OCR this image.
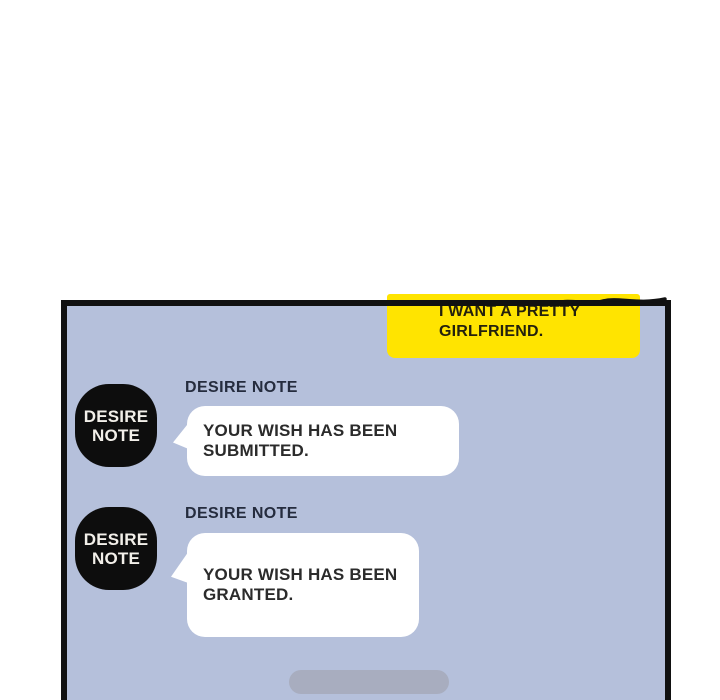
I WANT A PRETTY
GIRLFRIEND.
DESIRE
NOTE
DESIRE NOTE
YOUR WISH HAS BEEN
SUBMITTED.
DESIRE
NOTE
DESIRE NOTE
YOUR WISH HAS BEEN
GRANTED.
